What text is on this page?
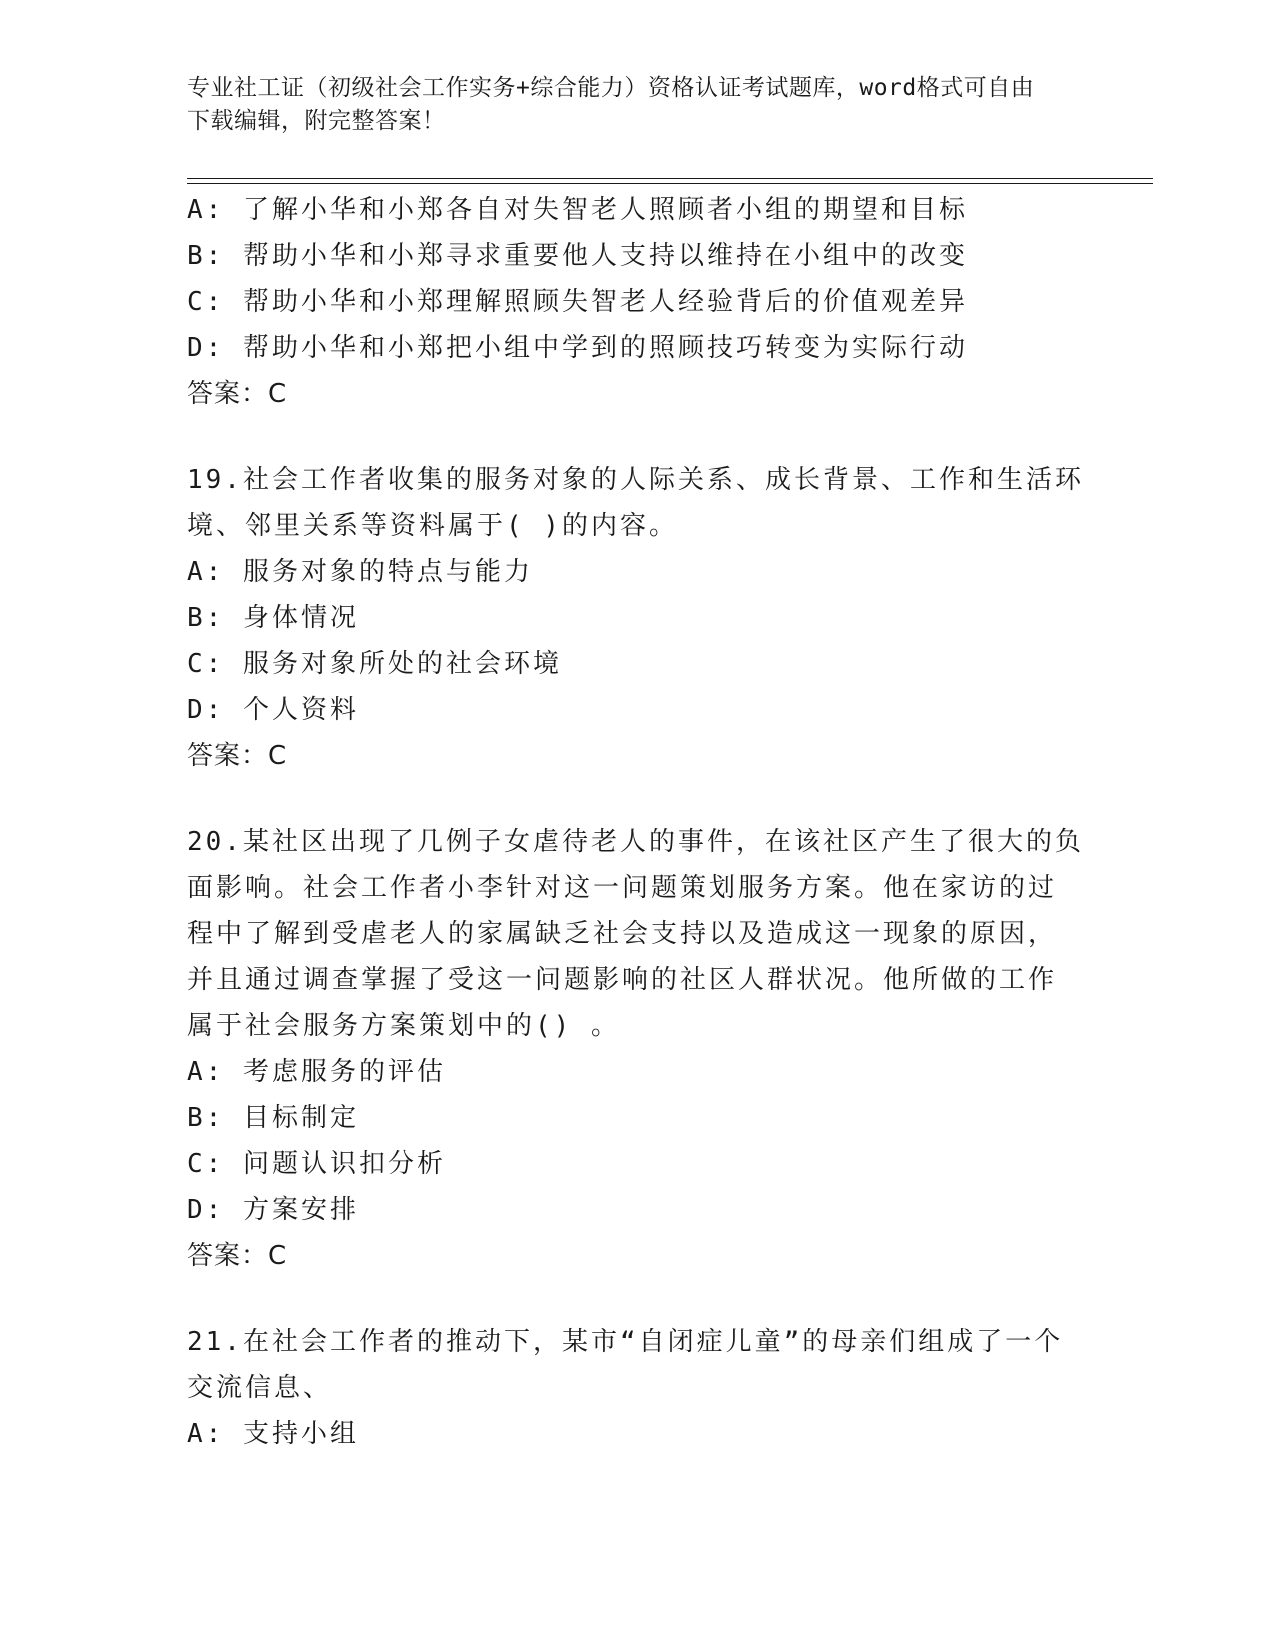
专业社工证（初级社会工作实务+综合能力）资格认证考试题库，word格式可自由
下载编辑，附完整答案！
A: 了解小华和小郑各自对失智老人照顾者小组的期望和目标
B: 帮助小华和小郑寻求重要他人支持以维持在小组中的改变
C: 帮助小华和小郑理解照顾失智老人经验背后的价值观差异
D: 帮助小华和小郑把小组中学到的照顾技巧转变为实际行动
答案：C
19.社会工作者收集的服务对象的人际关系、成长背景、工作和生活环
境、邻里关系等资料属于( )的内容。
A: 服务对象的特点与能力
B: 身体情况
C: 服务对象所处的社会环境
D: 个人资料
答案：C
20.某社区出现了几例子女虐待老人的事件，在该社区产生了很大的负
面影响。社会工作者小李针对这一问题策划服务方案。他在家访的过
程中了解到受虐老人的家属缺乏社会支持以及造成这一现象的原因，
并且通过调查掌握了受这一问题影响的社区人群状况。他所做的工作
属于社会服务方案策划中的() 。
A: 考虑服务的评估
B: 目标制定
C: 问题认识扣分析
D: 方案安排
答案：C
21.在社会工作者的推动下，某市“自闭症儿童”的母亲们组成了一个
交流信息、
A: 支持小组
